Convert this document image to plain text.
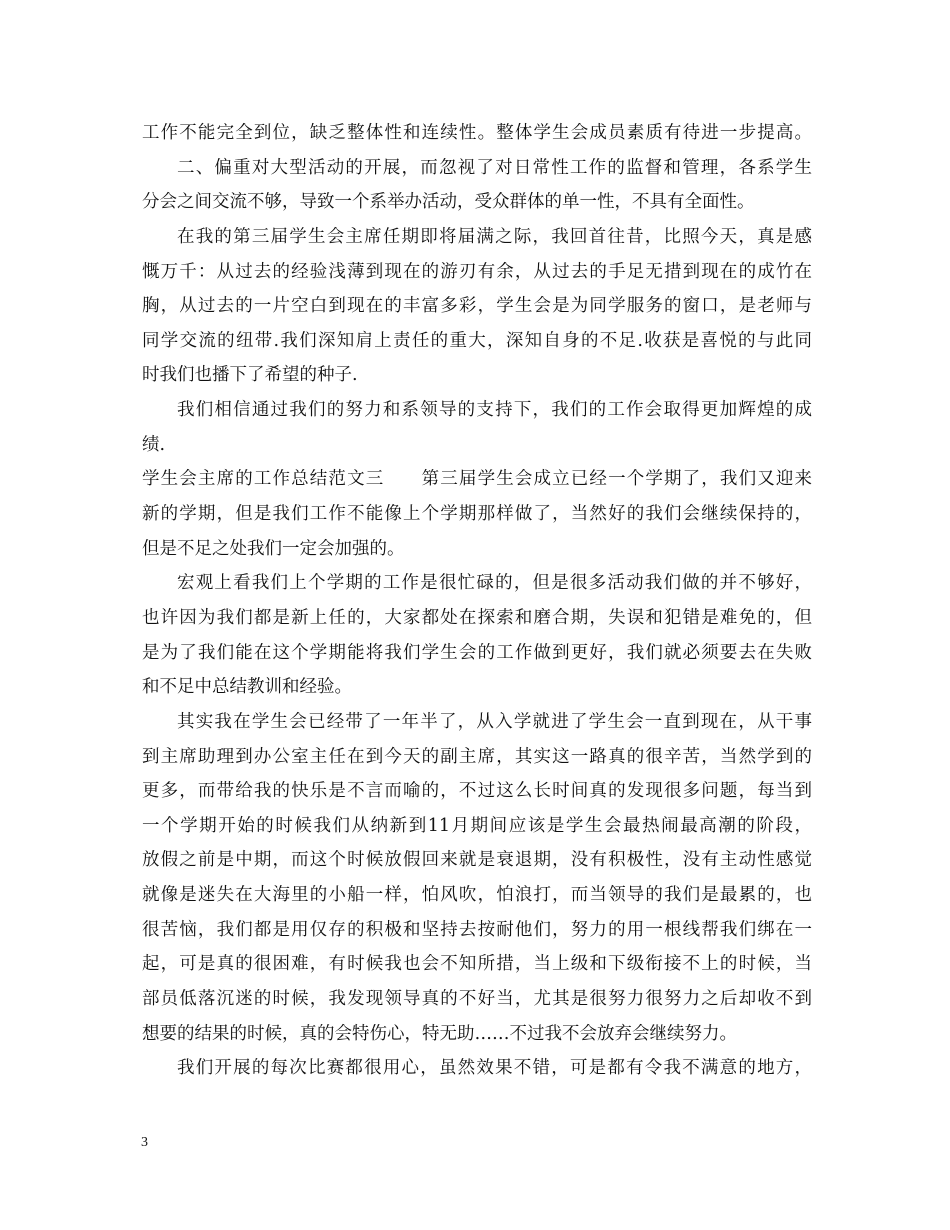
工作不能完全到位，缺乏整体性和连续性。整体学生会成员素质有待进一步提高。
二、偏重对大型活动的开展，而忽视了对日常性工作的监督和管理，各系学生
分会之间交流不够，导致一个系举办活动，受众群体的单一性，不具有全面性。
在我的第三届学生会主席任期即将届满之际，我回首往昔，比照今天，真是感
慨万千：从过去的经验浅薄到现在的游刃有余，从过去的手足无措到现在的成竹在
胸，从过去的一片空白到现在的丰富多彩，学生会是为同学服务的窗口，是老师与
同学交流的纽带.我们深知肩上责任的重大，深知自身的不足.收获是喜悦的与此同
时我们也播下了希望的种子.
我们相信通过我们的努力和系领导的支持下，我们的工作会取得更加辉煌的成
绩.
学生会主席的工作总结范文三　　第三届学生会成立已经一个学期了，我们又迎来
新的学期，但是我们工作不能像上个学期那样做了，当然好的我们会继续保持的，
但是不足之处我们一定会加强的。
宏观上看我们上个学期的工作是很忙碌的，但是很多活动我们做的并不够好，
也许因为我们都是新上任的，大家都处在探索和磨合期，失误和犯错是难免的，但
是为了我们能在这个学期能将我们学生会的工作做到更好，我们就必须要去在失败
和不足中总结教训和经验。
其实我在学生会已经带了一年半了，从入学就进了学生会一直到现在，从干事
到主席助理到办公室主任在到今天的副主席，其实这一路真的很辛苦，当然学到的
更多，而带给我的快乐是不言而喻的，不过这么长时间真的发现很多问题，每当到
一个学期开始的时候我们从纳新到11月期间应该是学生会最热闹最高潮的阶段，
放假之前是中期，而这个时候放假回来就是衰退期，没有积极性，没有主动性感觉
就像是迷失在大海里的小船一样，怕风吹，怕浪打，而当领导的我们是最累的，也
很苦恼，我们都是用仅存的积极和坚持去按耐他们，努力的用一根线帮我们绑在一
起，可是真的很困难，有时候我也会不知所措，当上级和下级衔接不上的时候，当
部员低落沉迷的时候，我发现领导真的不好当，尤其是很努力很努力之后却收不到
想要的结果的时候，真的会特伤心，特无助……不过我不会放弃会继续努力。
我们开展的每次比赛都很用心，虽然效果不错，可是都有令我不满意的地方，
3
